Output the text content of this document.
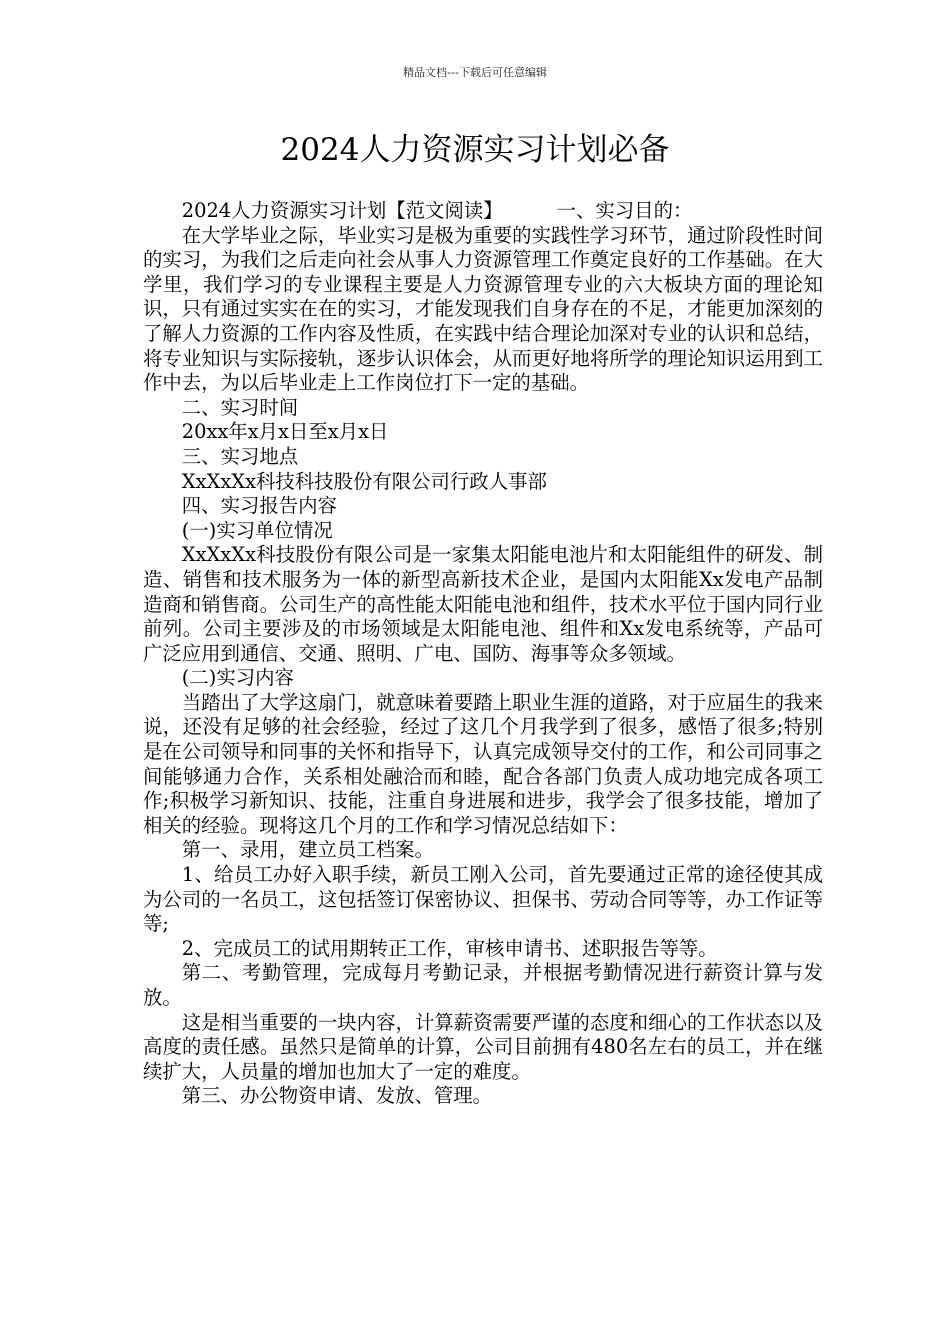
精品文档---下载后可任意编辑
2024人力资源实习计划必备

2024人力资源实习计划【范文阅读】	一、实习目的：

在大学毕业之际，毕业实习是极为重要的实践性学习环节，通过阶段性时间的实习，为我们之后走向社会从事人力资源管理工作奠定良好的工作基础。在大学里，我们学习的专业课程主要是人力资源管理专业的六大板块方面的理论知识，只有通过实实在在的实习，才能发现我们自身存在的不足，才能更加深刻的了解人力资源的工作内容及性质，在实践中结合理论加深对专业的认识和总结，将专业知识与实际接轨，逐步认识体会，从而更好地将所学的理论知识运用到工作中去，为以后毕业走上工作岗位打下一定的基础。

二、实习时间

20xx年x月x日至x月x日

三、实习地点

XxXxXx科技科技股份有限公司行政人事部

四、实习报告内容

(一)实习单位情况

XxXxXx科技股份有限公司是一家集太阳能电池片和太阳能组件的研发、制造、销售和技术服务为一体的新型高新技术企业，是国内太阳能Xx发电产品制造商和销售商。公司生产的高性能太阳能电池和组件，技术水平位于国内同行业前列。公司主要涉及的市场领域是太阳能电池、组件和Xx发电系统等，产品可广泛应用到通信、交通、照明、广电、国防、海事等众多领域。

(二)实习内容

当踏出了大学这扇门，就意味着要踏上职业生涯的道路，对于应届生的我来说，还没有足够的社会经验，经过了这几个月我学到了很多，感悟了很多;特别是在公司领导和同事的关怀和指导下，认真完成领导交付的工作，和公司同事之间能够通力合作，关系相处融洽而和睦，配合各部门负责人成功地完成各项工作;积极学习新知识、技能，注重自身进展和进步，我学会了很多技能，增加了相关的经验。现将这几个月的工作和学习情况总结如下：

第一、录用，建立员工档案。

1、给员工办好入职手续，新员工刚入公司，首先要通过正常的途径使其成为公司的一名员工，这包括签订保密协议、担保书、劳动合同等等，办工作证等等;

2、完成员工的试用期转正工作，审核申请书、述职报告等等。

第二、考勤管理，完成每月考勤记录，并根据考勤情况进行薪资计算与发放。

这是相当重要的一块内容，计算薪资需要严谨的态度和细心的工作状态以及高度的责任感。虽然只是简单的计算，公司目前拥有480名左右的员工，并在继续扩大，人员量的增加也加大了一定的难度。

第三、办公物资申请、发放、管理。
